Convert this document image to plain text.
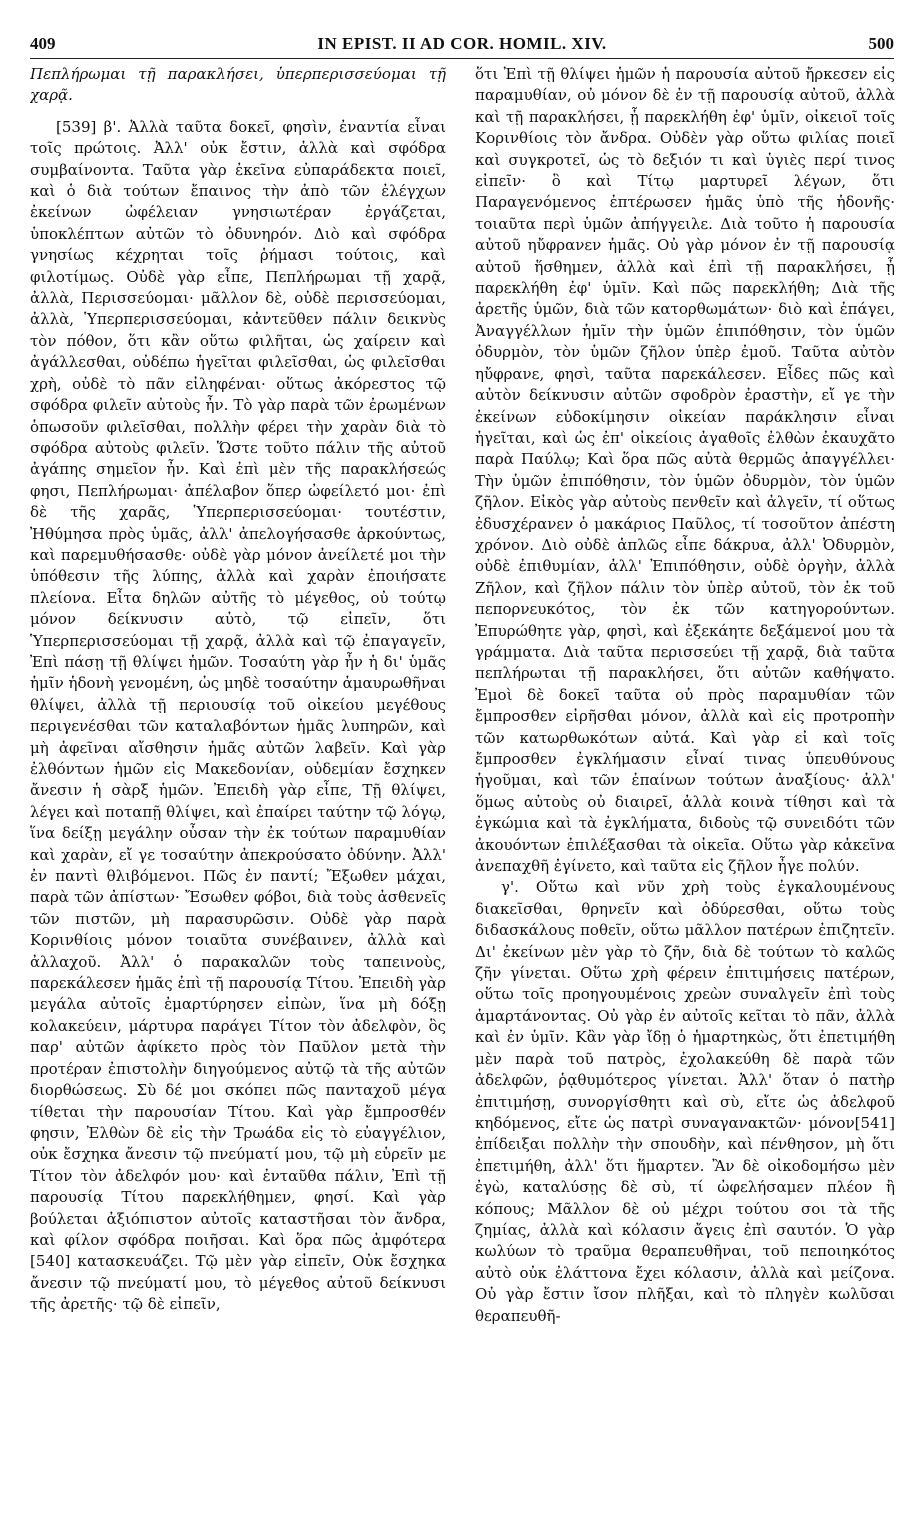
409	IN EPIST. II AD COR. HOMIL. XIV.	500

Πεπλήρωμαι τῇ παρακλήσει, ὑπερπερισσεύομαι τῇ χαρᾷ.

[539] β'. Ἀλλὰ ταῦτα δοκεῖ, φησὶν, ἐναντία εἶναι τοῖς πρώτοις. Ἀλλ' οὐκ ἔστιν, ἀλλὰ καὶ σφόδρα συμβαίνοντα. Ταῦτα γὰρ ἐκεῖνα εὐπαράδεκτα ποιεῖ, καὶ ὁ διὰ τούτων ἔπαινος τὴν ἀπὸ τῶν ἐλέγχων ἐκείνων ὠφέλειαν γνησιωτέραν ἐργάζεται, ὑποκλέπτων αὐτῶν τὸ ὀδυνηρόν. Διὸ καὶ σφόδρα γνησίως κέχρηται τοῖς ῥήμασι τούτοις, καὶ φιλοτίμως. Οὐδὲ γὰρ εἶπε, Πεπλήρωμαι τῇ χαρᾷ, ἀλλὰ, Περισσεύομαι· μᾶλλον δὲ, οὐδὲ περισσεύομαι, ἀλλὰ, Ὑπερπερισσεύομαι, κἀντεῦθεν πάλιν δεικνὺς τὸν πόθον, ὅτι κἂν οὕτω φιλῆται, ὡς χαίρειν καὶ ἀγάλλεσθαι, οὐδέπω ἡγεῖται φιλεῖσθαι, ὡς φιλεῖσθαι χρὴ, οὐδὲ τὸ πᾶν εἰληφέναι· οὕτως ἀκόρεστος τῷ σφόδρα φιλεῖν αὐτοὺς ἦν. Τὸ γὰρ παρὰ τῶν ἐρωμένων ὁπωσοῦν φιλεῖσθαι, πολλὴν φέρει τὴν χαρὰν διὰ τὸ σφόδρα αὐτοὺς φιλεῖν. Ὥστε τοῦτο πάλιν τῆς αὐτοῦ ἀγάπης σημεῖον ἦν. Καὶ ἐπὶ μὲν τῆς παρακλήσεώς φησι, Πεπλήρωμαι· ἀπέλαβον ὅπερ ὠφείλετό μοι· ἐπὶ δὲ τῆς χαρᾶς, Ὑπερπερισσεύομαι· τουτέστιν, Ἠθύμησα πρὸς ὑμᾶς, ἀλλ' ἀπελογήσασθε ἀρκούντως, καὶ παρεμυθήσασθε· οὐδὲ γὰρ μόνον ἀνείλετέ μοι τὴν ὑπόθεσιν τῆς λύπης, ἀλλὰ καὶ χαρὰν ἐποιήσατε πλείονα. Εἶτα δηλῶν αὐτῆς τὸ μέγεθος, οὐ τούτῳ μόνον δείκνυσιν αὐτὸ, τῷ εἰπεῖν, ὅτι Ὑπερπερισσεύομαι τῇ χαρᾷ, ἀλλὰ καὶ τῷ ἐπαγαγεῖν, Ἐπὶ πάσῃ τῇ θλίψει ἡμῶν. Τοσαύτη γὰρ ἦν ἡ δι' ὑμᾶς ἡμῖν ἡδονὴ γενομένη, ὡς μηδὲ τοσαύτην ἀμαυρωθῆναι θλίψει, ἀλλὰ τῇ περιουσίᾳ τοῦ οἰκείου μεγέθους περιγενέσθαι τῶν καταλαβόντων ἡμᾶς λυπηρῶν, καὶ μὴ ἀφεῖναι αἴσθησιν ἡμᾶς αὐτῶν λαβεῖν. Καὶ γὰρ ἐλθόντων ἡμῶν εἰς Μακεδονίαν, οὐδεμίαν ἔσχηκεν ἄνεσιν ἡ σὰρξ ἡμῶν. Ἐπειδὴ γὰρ εἶπε, Τῇ θλίψει, λέγει καὶ ποταπῇ θλίψει, καὶ ἐπαίρει ταύτην τῷ λόγῳ, ἵνα δείξῃ μεγάλην οὖσαν τὴν ἐκ τούτων παραμυθίαν καὶ χαρὰν, εἴ γε τοσαύτην ἀπεκρούσατο ὀδύνην. Ἀλλ' ἐν παντὶ θλιβόμενοι. Πῶς ἐν παντί; Ἔξωθεν μάχαι, παρὰ τῶν ἀπίστων· Ἔσωθεν φόβοι, διὰ τοὺς ἀσθενεῖς τῶν πιστῶν, μὴ παρασυρῶσιν. Οὐδὲ γὰρ παρὰ Κορινθίοις μόνον τοιαῦτα συνέβαινεν, ἀλλὰ καὶ ἀλλαχοῦ. Ἀλλ' ὁ παρακαλῶν τοὺς ταπεινοὺς, παρεκάλεσεν ἡμᾶς ἐπὶ τῇ παρουσίᾳ Τίτου. Ἐπειδὴ γὰρ μεγάλα αὐτοῖς ἐμαρτύρησεν εἰπὼν, ἵνα μὴ δόξῃ κολακεύειν, μάρτυρα παράγει Τίτον τὸν ἀδελφὸν, ὃς παρ' αὐτῶν ἀφίκετο πρὸς τὸν Παῦλον μετὰ τὴν προτέραν ἐπιστολὴν διηγούμενος αὐτῷ τὰ τῆς αὐτῶν διορθώσεως. Σὺ δέ μοι σκόπει πῶς πανταχοῦ μέγα τίθεται τὴν παρουσίαν Τίτου. Καὶ γὰρ ἔμπροσθέν φησιν, Ἐλθὼν δὲ εἰς τὴν Τρωάδα εἰς τὸ εὐαγγέλιον, οὐκ ἔσχηκα ἄνεσιν τῷ πνεύματί μου, τῷ μὴ εὑρεῖν με Τίτον τὸν ἀδελφόν μου· καὶ ἐνταῦθα πάλιν, Ἐπὶ τῇ παρουσίᾳ Τίτου παρεκλήθημεν, φησί. Καὶ γὰρ βούλεται ἀξιόπιστον αὐτοῖς καταστῆσαι τὸν ἄνδρα, καὶ φίλον σφόδρα ποιῆσαι. Καὶ ὅρα πῶς ἀμφότερα [540] κατασκευάζει. Τῷ μὲν γὰρ εἰπεῖν, Οὐκ ἔσχηκα ἄνεσιν τῷ πνεύματί μου, τὸ μέγεθος αὐτοῦ δείκνυσι τῆς ἀρετῆς· τῷ δὲ εἰπεῖν,

ὅτι Ἐπὶ τῇ θλίψει ἡμῶν ἡ παρουσία αὐτοῦ ἤρκεσεν εἰς παραμυθίαν, οὐ μόνον δὲ ἐν τῇ παρουσίᾳ αὐτοῦ, ἀλλὰ καὶ τῇ παρακλήσει, ᾗ παρεκλήθη ἐφ' ὑμῖν, οἰκειοῖ τοῖς Κορινθίοις τὸν ἄνδρα. Οὐδὲν γὰρ οὕτω φιλίας ποιεῖ καὶ συγκροτεῖ, ὡς τὸ δεξιόν τι καὶ ὑγιὲς περί τινος εἰπεῖν· ὃ καὶ Τίτῳ μαρτυρεῖ λέγων, ὅτι Παραγενόμενος ἐπτέρωσεν ἡμᾶς ὑπὸ τῆς ἡδονῆς· τοιαῦτα περὶ ὑμῶν ἀπήγγειλε. Διὰ τοῦτο ἡ παρουσία αὐτοῦ ηὔφρανεν ἡμᾶς. Οὐ γὰρ μόνον ἐν τῇ παρουσίᾳ αὐτοῦ ἥσθημεν, ἀλλὰ καὶ ἐπὶ τῇ παρακλήσει, ᾗ παρεκλήθη ἐφ' ὑμῖν. Καὶ πῶς παρεκλήθη; Διὰ τῆς ἀρετῆς ὑμῶν, διὰ τῶν κατορθωμάτων· διὸ καὶ ἐπάγει, Ἀναγγέλλων ἡμῖν τὴν ὑμῶν ἐπιπόθησιν, τὸν ὑμῶν ὀδυρμὸν, τὸν ὑμῶν ζῆλον ὑπὲρ ἐμοῦ. Ταῦτα αὐτὸν ηὔφρανε, φησὶ, ταῦτα παρεκάλεσεν. Εἶδες πῶς καὶ αὐτὸν δείκνυσιν αὐτῶν σφοδρὸν ἐραστὴν, εἴ γε τὴν ἐκείνων εὐδοκίμησιν οἰκείαν παράκλησιν εἶναι ἡγεῖται, καὶ ὡς ἐπ' οἰκείοις ἀγαθοῖς ἐλθὼν ἐκαυχᾶτο παρὰ Παύλῳ; Καὶ ὅρα πῶς αὐτὰ θερμῶς ἀπαγγέλλει· Τὴν ὑμῶν ἐπιπόθησιν, τὸν ὑμῶν ὀδυρμὸν, τὸν ὑμῶν ζῆλον. Εἰκὸς γὰρ αὐτοὺς πενθεῖν καὶ ἀλγεῖν, τί οὕτως ἐδυσχέρανεν ὁ μακάριος Παῦλος, τί τοσοῦτον ἀπέστη χρόνον. Διὸ οὐδὲ ἁπλῶς εἶπε δάκρυα, ἀλλ' Ὀδυρμὸν, οὐδὲ ἐπιθυμίαν, ἀλλ' Ἐπιπόθησιν, οὐδὲ ὀργὴν, ἀλλὰ Ζῆλον, καὶ ζῆλον πάλιν τὸν ὑπὲρ αὐτοῦ, τὸν ἐκ τοῦ πεπορνευκότος, τὸν ἐκ τῶν κατηγορούντων. Ἐπυρώθητε γὰρ, φησὶ, καὶ ἐξεκάητε δεξάμενοί μου τὰ γράμματα. Διὰ ταῦτα περισσεύει τῇ χαρᾷ, διὰ ταῦτα πεπλήρωται τῇ παρακλήσει, ὅτι αὐτῶν καθήψατο. Ἐμοὶ δὲ δοκεῖ ταῦτα οὐ πρὸς παραμυθίαν τῶν ἔμπροσθεν εἰρῆσθαι μόνον, ἀλλὰ καὶ εἰς προτροπὴν τῶν κατωρθωκότων αὐτά. Καὶ γὰρ εἰ καὶ τοῖς ἔμπροσθεν ἐγκλήμασιν εἶναί τινας ὑπευθύνους ἡγοῦμαι, καὶ τῶν ἐπαίνων τούτων ἀναξίους· ἀλλ' ὅμως αὐτοὺς οὐ διαιρεῖ, ἀλλὰ κοινὰ τίθησι καὶ τὰ ἐγκώμια καὶ τὰ ἐγκλήματα, διδοὺς τῷ συνειδότι τῶν ἀκουόντων ἐπιλέξασθαι τὰ οἰκεῖα. Οὕτω γὰρ κἀκεῖνα ἀνεπαχθῆ ἐγίνετο, καὶ ταῦτα εἰς ζῆλον ἦγε πολύν.

γ'. Οὕτω καὶ νῦν χρὴ τοὺς ἐγκαλουμένους διακεῖσθαι, θρηνεῖν καὶ ὀδύρεσθαι, οὕτω τοὺς διδασκάλους ποθεῖν, οὕτω μᾶλλον πατέρων ἐπιζητεῖν. Δι' ἐκείνων μὲν γὰρ τὸ ζῆν, διὰ δὲ τούτων τὸ καλῶς ζῆν γίνεται. Οὕτω χρὴ φέρειν ἐπιτιμήσεις πατέρων, οὕτω τοῖς προηγουμένοις χρεὼν συναλγεῖν ἐπὶ τοὺς ἁμαρτάνοντας. Οὐ γὰρ ἐν αὐτοῖς κεῖται τὸ πᾶν, ἀλλὰ καὶ ἐν ὑμῖν. Κἂν γὰρ ἴδῃ ὁ ἡμαρτηκὼς, ὅτι ἐπετιμήθη μὲν παρὰ τοῦ πατρὸς, ἐχολακεύθη δὲ παρὰ τῶν ἀδελφῶν, ῥᾳθυμότερος γίνεται. Ἀλλ' ὅταν ὁ πατὴρ ἐπιτιμήσῃ, συνοργίσθητι καὶ σὺ, εἴτε ὡς ἀδελφοῦ κηδόμενος, εἴτε ὡς πατρὶ συναγανακτῶν· μόνον[541] ἐπίδειξαι πολλὴν τὴν σπουδὴν, καὶ πένθησον, μὴ ὅτι ἐπετιμήθη, ἀλλ' ὅτι ἥμαρτεν. Ἂν δὲ οἰκοδομήσω μὲν ἐγὼ, καταλύσῃς δὲ σὺ, τί ὠφελήσαμεν πλέον ἢ κόπους; Μᾶλλον δὲ οὐ μέχρι τούτου σοι τὰ τῆς ζημίας, ἀλλὰ καὶ κόλασιν ἄγεις ἐπὶ σαυτόν. Ὁ γὰρ κωλύων τὸ τραῦμα θεραπευθῆναι, τοῦ πεποιηκότος αὐτὸ οὐκ ἐλάττονα ἔχει κόλασιν, ἀλλὰ καὶ μείζονα. Οὐ γὰρ ἔστιν ἴσον πλῆξαι, καὶ τὸ πληγὲν κωλῦσαι θεραπευθῆ-
